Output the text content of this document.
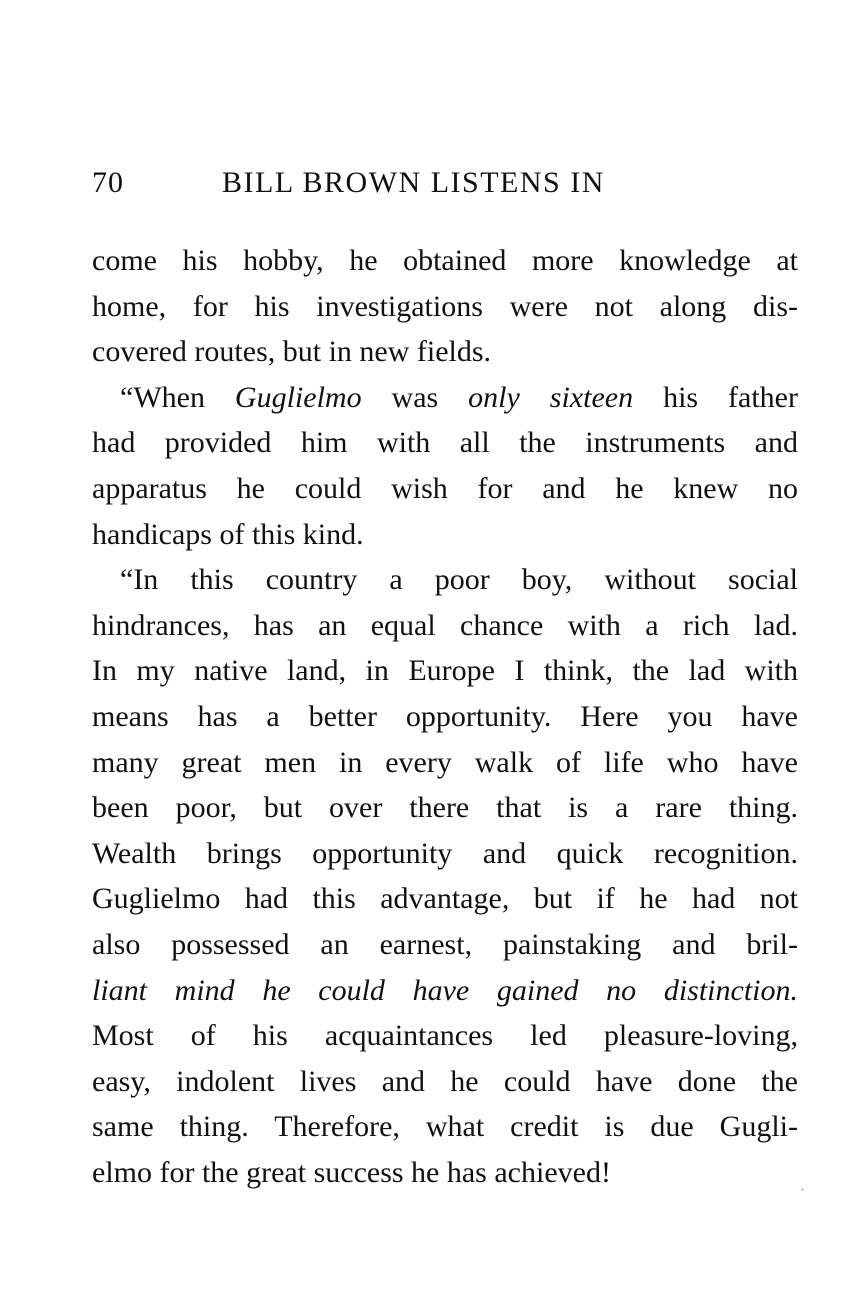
70	BILL BROWN LISTENS IN
come his hobby, he obtained more knowledge at
home, for his investigations were not along dis-
covered routes, but in new fields.
“When Guglielmo was only sixteen his father
had provided him with all the instruments and
apparatus he could wish for and he knew no
handicaps of this kind.
“In this country a poor boy, without social
hindrances, has an equal chance with a rich lad.
In my native land, in Europe I think, the lad with
means has a better opportunity. Here you have
many great men in every walk of life who have
been poor, but over there that is a rare thing.
Wealth brings opportunity and quick recognition.
Guglielmo had this advantage, but if he had not
also possessed an earnest, painstaking and bril-
liant mind he could have gained no distinction.
Most of his acquaintances led pleasure-loving,
easy, indolent lives and he could have done the
same thing. Therefore, what credit is due Gugli-
elmo for the great success he has achieved!	ˏ
